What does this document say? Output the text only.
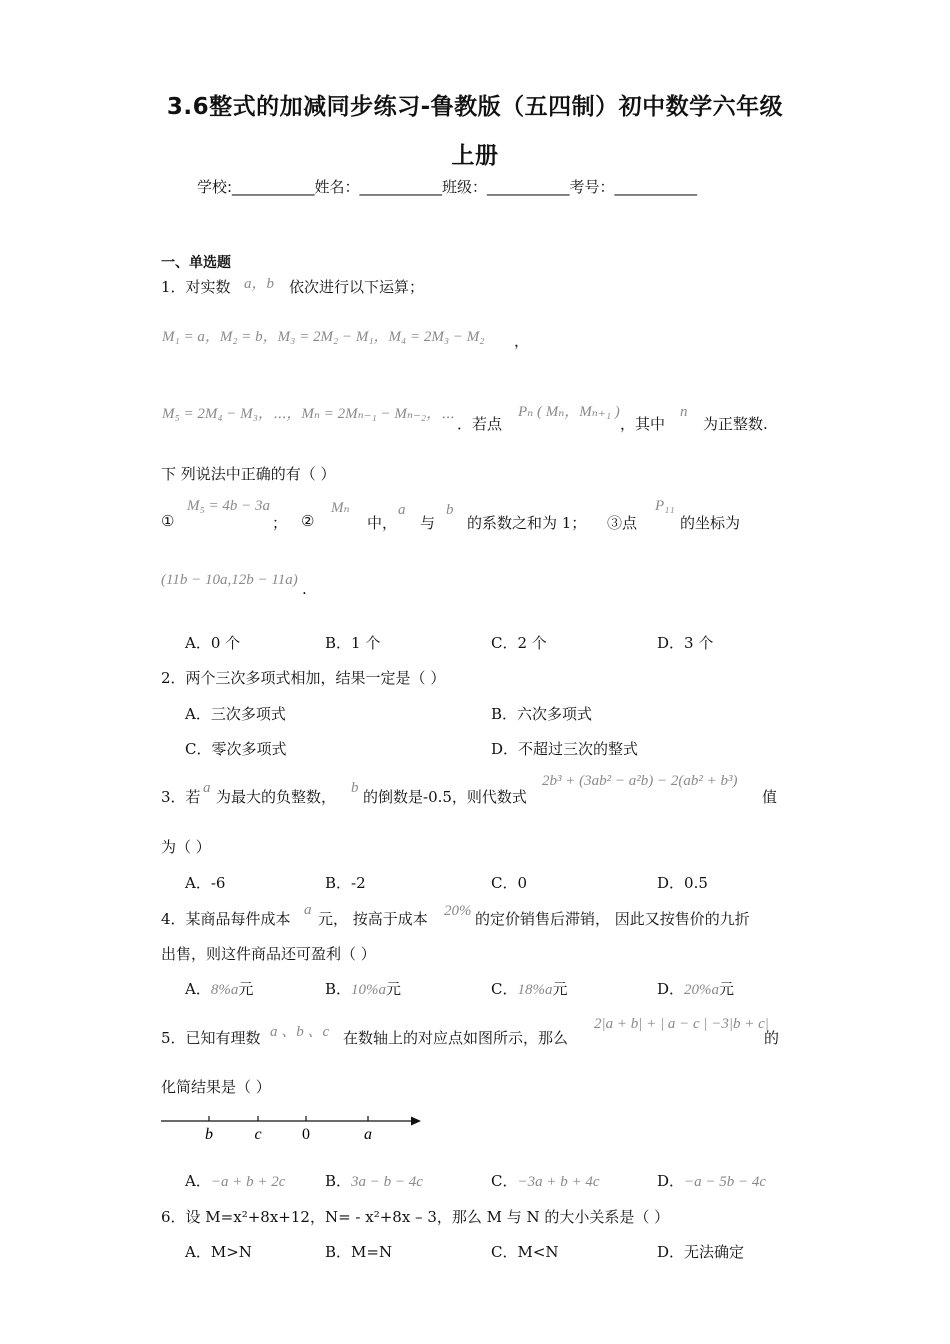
3.6整式的加减同步练习-鲁教版（五四制）初中数学六年级
上册
学校:___________姓名：___________班级：___________考号：___________
一、单选题
1．对实数 a，b 依次进行以下运算；
M₁ = a，M₂ = b，M₃ = 2M₂ − M₁，M₄ = 2M₃ − M₂ ，
M₅ = 2M₄ − M₃，⋯，Mₙ = 2Mₙ₋₁ − Mₙ₋₂，⋯
．若点
Pₙ ( Mₙ，Mₙ₊₁ )
，其中
n
为正整数.
下 列说法中正确的有（ ）
①
M₅ = 4b − 3a
； ②
Mₙ
中，
a
与
b
的系数之和为 1； ③点
P₁₁
的坐标为
(11b − 10a,12b − 11a) .
A．0 个	B．1 个	C．2 个	D．3 个
2．两个三次多项式相加，结果一定是（ ）
A．三次多项式	B．六次多项式
C．零次多项式	D．不超过三次的整式
3．若 a 为最大的负整数， b 的倒数是-0.5，则代数式
2b³ + (3ab² − a²b) − 2(ab² + b³)
值
为（ ）
A．-6	B．-2	C．0	D．0.5
4．某商品每件成本 a 元， 按高于成本 20% 的定价销售后滞销， 因此又按售价的九折
出售，则这件商品还可盈利（ ）
A．8%a元	B．10%a元	C．18%a元	D．20%a元
5．已知有理数 a 、b 、c 在数轴上的对应点如图所示，那么
2|a + b| + | a − c | −3|b + c|
的
化简结果是（ ）
b	c	0	a
A．−a + b + 2c	B．3a − b − 4c	C．−3a + b + 4c	D．−a − 5b − 4c
6．设 M=x²+8x+12，N= - x²+8x – 3，那么 M 与 N 的大小关系是（ ）
A．M>N	B．M=N	C．M<N	D．无法确定
